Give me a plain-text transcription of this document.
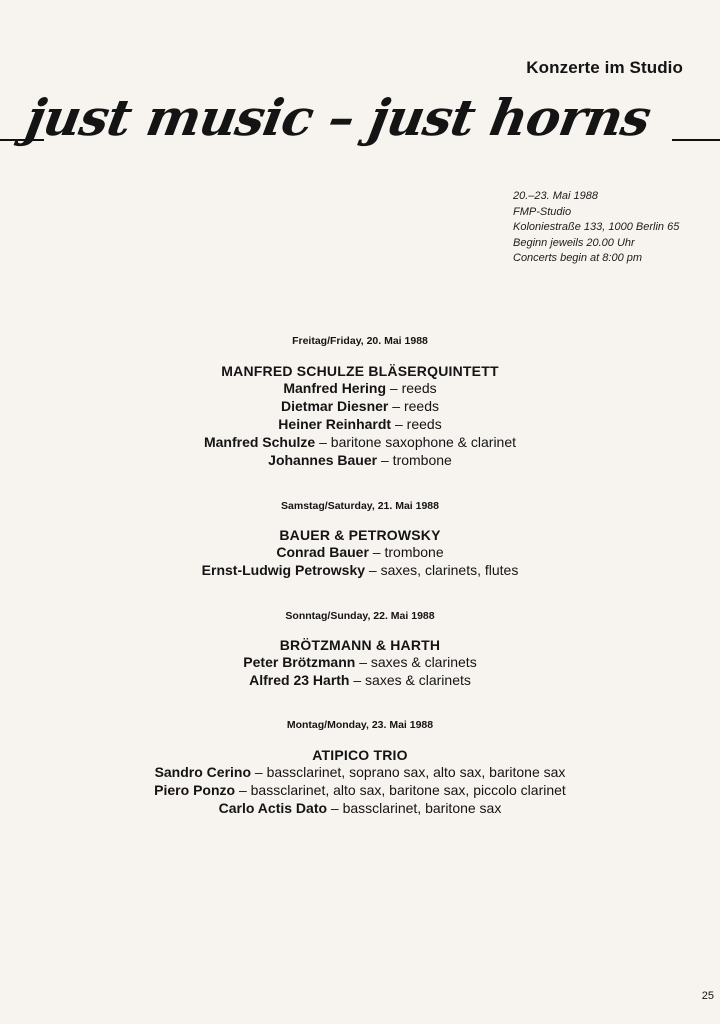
Konzerte im Studio
just music – just horns
20.–23. Mai 1988
FMP-Studio
Koloniestraße 133, 1000 Berlin 65
Beginn jeweils 20.00 Uhr
Concerts begin at 8:00 pm

Freitag/Friday, 20. Mai 1988

MANFRED SCHULZE BLÄSERQUINTETT

Manfred Hering – reeds

Dietmar Diesner – reeds

Heiner Reinhardt – reeds

Manfred Schulze – baritone saxophone & clarinet

Johannes Bauer – trombone

Samstag/Saturday, 21. Mai 1988

BAUER & PETROWSKY

Conrad Bauer – trombone

Ernst-Ludwig Petrowsky – saxes, clarinets, flutes

Sonntag/Sunday, 22. Mai 1988

BRÖTZMANN & HARTH

Peter Brötzmann – saxes & clarinets

Alfred 23 Harth – saxes & clarinets

Montag/Monday, 23. Mai 1988

ATIPICO TRIO

Sandro Cerino – bassclarinet, soprano sax, alto sax, baritone sax

Piero Ponzo – bassclarinet, alto sax, baritone sax, piccolo clarinet

Carlo Actis Dato – bassclarinet, baritone sax

25
